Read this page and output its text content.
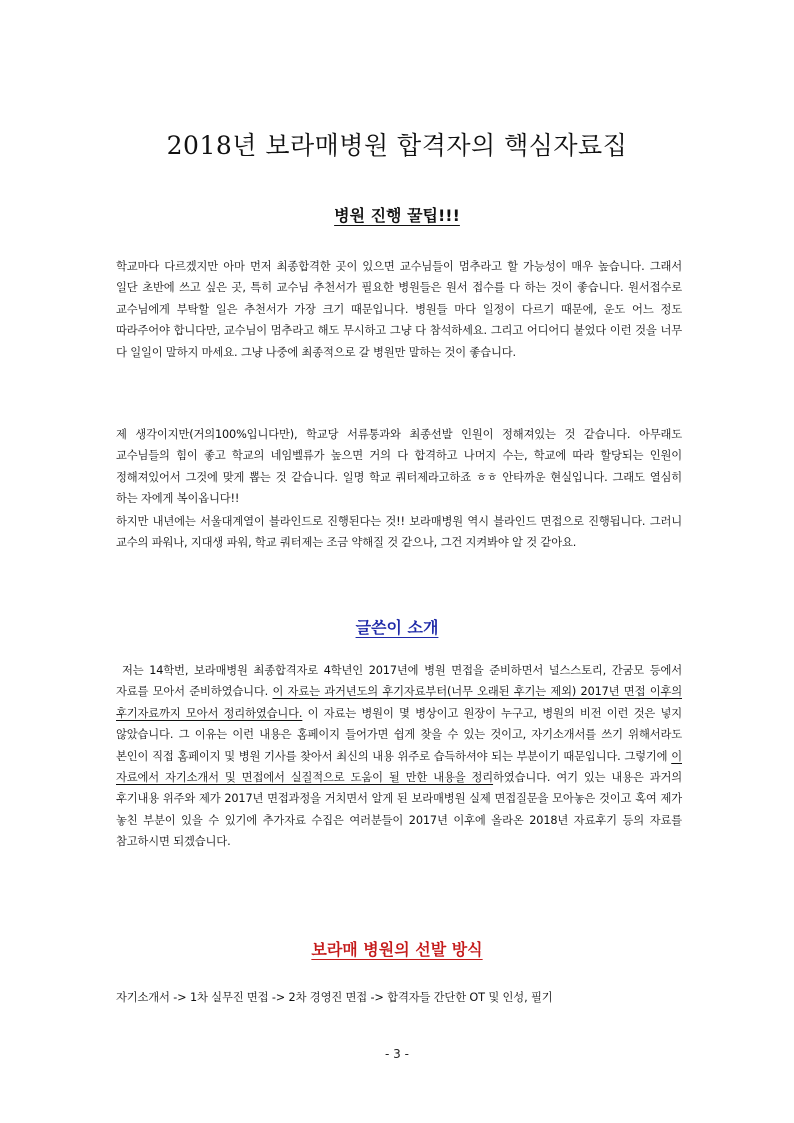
2018년 보라매병원 합격자의 핵심자료집
병원 진행 꿀팁!!!
학교마다 다르겠지만 아마 먼저 최종합격한 곳이 있으면 교수님들이 멈추라고 할 가능성이 매우 높습니다. 그래서 일단 초반에 쓰고 싶은 곳, 특히 교수님 추천서가 필요한 병원들은 원서 접수를 다 하는 것이 좋습니다. 원서접수로 교수님에게 부탁할 일은 추천서가 가장 크기 때문입니다. 병원들 마다 일정이 다르기 때문에, 운도 어느 정도 따라주어야 합니다만, 교수님이 멈추라고 해도 무시하고 그냥 다 참석하세요. 그리고 어디어디 붙었다 이런 것을 너무 다 일일이 말하지 마세요. 그냥 나중에 최종적으로 갈 병원만 말하는 것이 좋습니다.
제 생각이지만(거의100%입니다만), 학교당 서류통과와 최종선발 인원이 정해져있는 것 같습니다. 아무래도 교수님들의 힘이 좋고 학교의 네임벨류가 높으면 거의 다 합격하고 나머지 수는, 학교에 따라 할당되는 인원이 정해져있어서 그것에 맞게 뽑는 것 같습니다. 일명 학교 쿼터제라고하죠 ㅎㅎ 안타까운 현실입니다. 그래도 열심히 하는 자에게 복이옵니다!!
하지만 내년에는 서울대계열이 블라인드로 진행된다는 것!! 보라매병원 역시 블라인드 면접으로 진행됩니다. 그러니 교수의 파워나, 지대생 파워, 학교 쿼터제는 조금 약해질 것 같으나, 그건 지켜봐야 알 것 같아요.
글쓴이 소개
저는 14학번, 보라매병원 최종합격자로 4학년인 2017년에 병원 면접을 준비하면서 널스스토리, 간굼모 등에서 자료를 모아서 준비하였습니다. 이 자료는 과거년도의 후기자료부터(너무 오래된 후기는 제외) 2017년 면접 이후의 후기자료까지 모아서 정리하였습니다. 이 자료는 병원이 몇 병상이고 원장이 누구고, 병원의 비전 이런 것은 넣지 않았습니다. 그 이유는 이런 내용은 홈페이지 들어가면 쉽게 찾을 수 있는 것이고, 자기소개서를 쓰기 위해서라도 본인이 직접 홈페이지 및 병원 기사를 찾아서 최신의 내용 위주로 습득하셔야 되는 부분이기 때문입니다. 그렇기에 이 자료에서 자기소개서 및 면접에서 실질적으로 도움이 될 만한 내용을 정리하였습니다. 여기 있는 내용은 과거의 후기내용 위주와 제가 2017년 면접과정을 거치면서 알게 된 보라매병원 실제 면접질문을 모아놓은 것이고 혹여 제가 놓친 부분이 있을 수 있기에 추가자료 수집은 여러분들이 2017년 이후에 올라온 2018년 자료후기 등의 자료를 참고하시면 되겠습니다.
보라매 병원의 선발 방식
자기소개서 -> 1차 실무진 면접 -> 2차 경영진 면접 -> 합격자들 간단한 OT 및 인성, 필기
- 3 -
